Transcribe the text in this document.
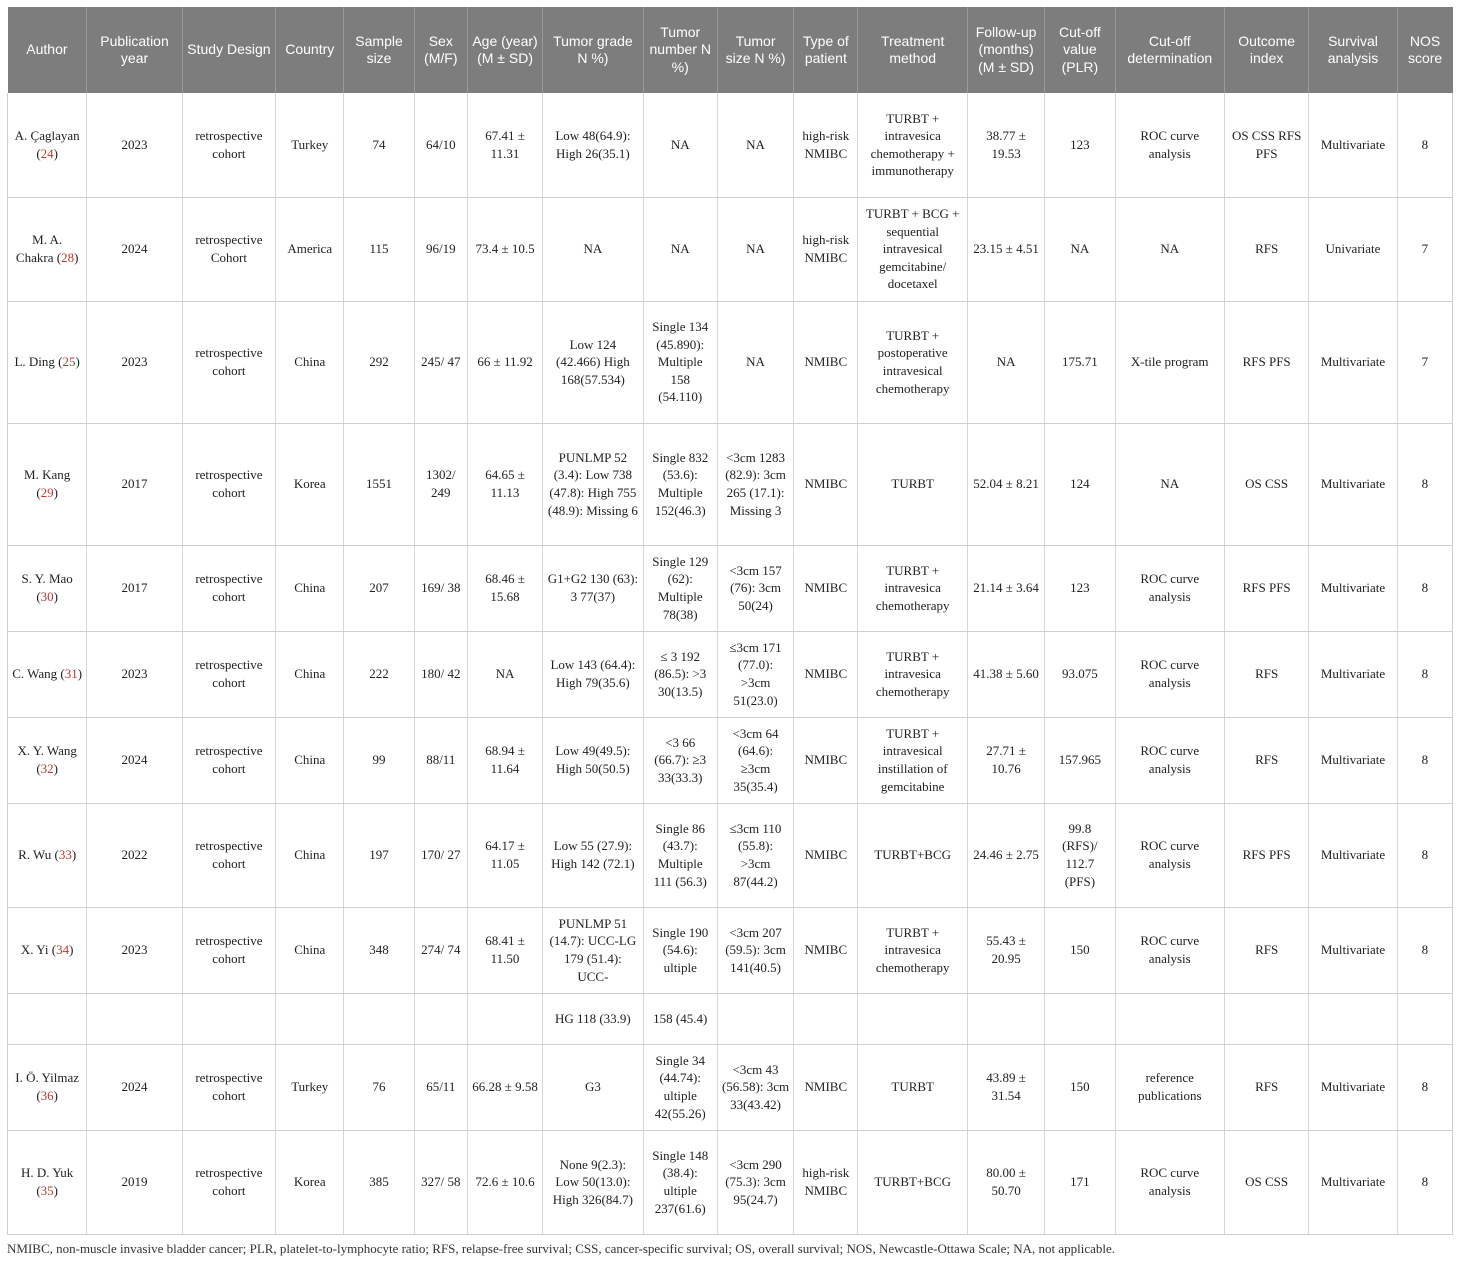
Author	Publication year	Study Design	Country	Sample size	Sex (M/F)	Age (year) (M ± SD)	Tumor grade N %)	Tumor number N %)	Tumor size N %)	Type of patient	Treatment method	Follow-up (months) (M ± SD)	Cut-off value (PLR)	Cut-off determination	Outcome index	Survival analysis	NOS score
A. Çaglayan (24)	2023	retrospective cohort	Turkey	74	64/10	67.41 ± 11.31	Low 48(64.9): High 26(35.1)	NA	NA	high-risk NMIBC	TURBT + intravesica chemotherapy + immunotherapy	38.77 ± 19.53	123	ROC curve analysis	OS CSS RFS PFS	Multivariate	8
M. A. Chakra (28)	2024	retrospective Cohort	America	115	96/19	73.4 ± 10.5	NA	NA	NA	high-risk NMIBC	TURBT + BCG + sequential intravesical gemcitabine/ docetaxel	23.15 ± 4.51	NA	NA	RFS	Univariate	7
L. Ding (25)	2023	retrospective cohort	China	292	245/ 47	66 ± 11.92	Low 124 (42.466) High 168(57.534)	Single 134 (45.890): Multiple 158 (54.110)	NA	NMIBC	TURBT + postoperative intravesical chemotherapy	NA	175.71	X-tile program	RFS PFS	Multivariate	7
M. Kang (29)	2017	retrospective cohort	Korea	1551	1302/ 249	64.65 ± 11.13	PUNLMP 52 (3.4): Low 738 (47.8): High 755 (48.9): Missing 6	Single 832 (53.6): Multiple 152(46.3)	<3cm 1283 (82.9): 3cm 265 (17.1): Missing 3	NMIBC	TURBT	52.04 ± 8.21	124	NA	OS CSS	Multivariate	8
S. Y. Mao (30)	2017	retrospective cohort	China	207	169/ 38	68.46 ± 15.68	G1+G2 130 (63): 3 77(37)	Single 129 (62): Multiple 78(38)	<3cm 157 (76): 3cm 50(24)	NMIBC	TURBT + intravesica chemotherapy	21.14 ± 3.64	123	ROC curve analysis	RFS PFS	Multivariate	8
C. Wang (31)	2023	retrospective cohort	China	222	180/ 42	NA	Low 143 (64.4): High 79(35.6)	≤ 3 192 (86.5): >3 30(13.5)	≤3cm 171 (77.0): >3cm 51(23.0)	NMIBC	TURBT + intravesica chemotherapy	41.38 ± 5.60	93.075	ROC curve analysis	RFS	Multivariate	8
X. Y. Wang (32)	2024	retrospective cohort	China	99	88/11	68.94 ± 11.64	Low 49(49.5): High 50(50.5)	<3 66 (66.7): ≥3 33(33.3)	<3cm 64 (64.6): ≥3cm 35(35.4)	NMIBC	TURBT + intravesical instillation of gemcitabine	27.71 ± 10.76	157.965	ROC curve analysis	RFS	Multivariate	8
R. Wu (33)	2022	retrospective cohort	China	197	170/ 27	64.17 ± 11.05	Low 55 (27.9): High 142 (72.1)	Single 86 (43.7): Multiple 111 (56.3)	≤3cm 110 (55.8): >3cm 87(44.2)	NMIBC	TURBT+BCG	24.46 ± 2.75	99.8 (RFS)/ 112.7 (PFS)	ROC curve analysis	RFS PFS	Multivariate	8
X. Yi (34)	2023	retrospective cohort	China	348	274/ 74	68.41 ± 11.50	PUNLMP 51 (14.7): UCC-LG 179 (51.4): UCC-	Single 190 (54.6): ultiple	<3cm 207 (59.5): 3cm 141(40.5)	NMIBC	TURBT + intravesica chemotherapy	55.43 ± 20.95	150	ROC curve analysis	RFS	Multivariate	8
							HG 118 (33.9)	158 (45.4)									
I. Ö. Yilmaz (36)	2024	retrospective cohort	Turkey	76	65/11	66.28 ± 9.58	G3	Single 34 (44.74): ultiple 42(55.26)	<3cm 43 (56.58): 3cm 33(43.42)	NMIBC	TURBT	43.89 ± 31.54	150	reference publications	RFS	Multivariate	8
H. D. Yuk (35)	2019	retrospective cohort	Korea	385	327/ 58	72.6 ± 10.6	None 9(2.3): Low 50(13.0): High 326(84.7)	Single 148 (38.4): ultiple 237(61.6)	<3cm 290 (75.3): 3cm 95(24.7)	high-risk NMIBC	TURBT+BCG	80.00 ± 50.70	171	ROC curve analysis	OS CSS	Multivariate	8
NMIBC, non-muscle invasive bladder cancer; PLR, platelet-to-lymphocyte ratio; RFS, relapse-free survival; CSS, cancer-specific survival; OS, overall survival; NOS, Newcastle-Ottawa Scale; NA, not applicable.
